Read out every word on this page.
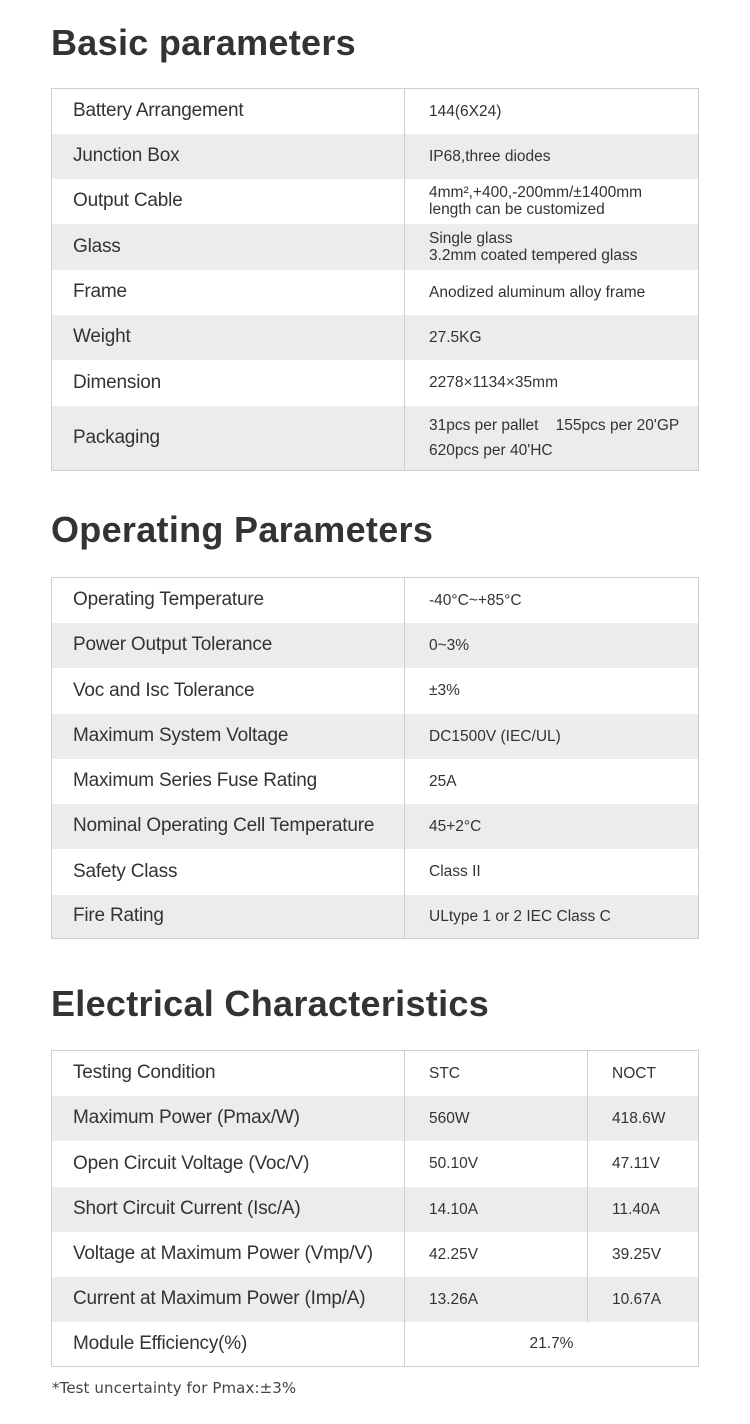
Basic parameters
Battery Arrangement	144(6X24)

Junction Box	IP68,three diodes

Output Cable	4mm²,+400,-200mm/±1400mm
length can be customized

Glass	Single glass
3.2mm coated tempered glass

Frame	Anodized aluminum alloy frame

Weight	27.5KG

Dimension	2278×1134×35mm

Packaging	31pcs per pallet    155pcs per 20'GP
620pcs per 40'HC
Operating Parameters
Operating Temperature	-40°C~+85°C
Power Output Tolerance	0~3%
Voc and Isc Tolerance	±3%
Maximum System Voltage	DC1500V (IEC/UL)
Maximum Series Fuse Rating	25A
Nominal Operating Cell Temperature	45+2°C
Safety Class	Class II
Fire Rating	ULtype 1 or 2 IEC Class C
Electrical Characteristics
Testing Condition	STC	NOCT
Maximum Power (Pmax/W)	560W	418.6W
Open Circuit Voltage (Voc/V)	50.10V	47.11V
Short Circuit Current (Isc/A)	14.10A	11.40A
Voltage at Maximum Power (Vmp/V)	42.25V	39.25V
Current at Maximum Power (Imp/A)	13.26A	10.67A
Module Efficiency(%)	21.7%	
*Test uncertainty for Pmax:±3%
